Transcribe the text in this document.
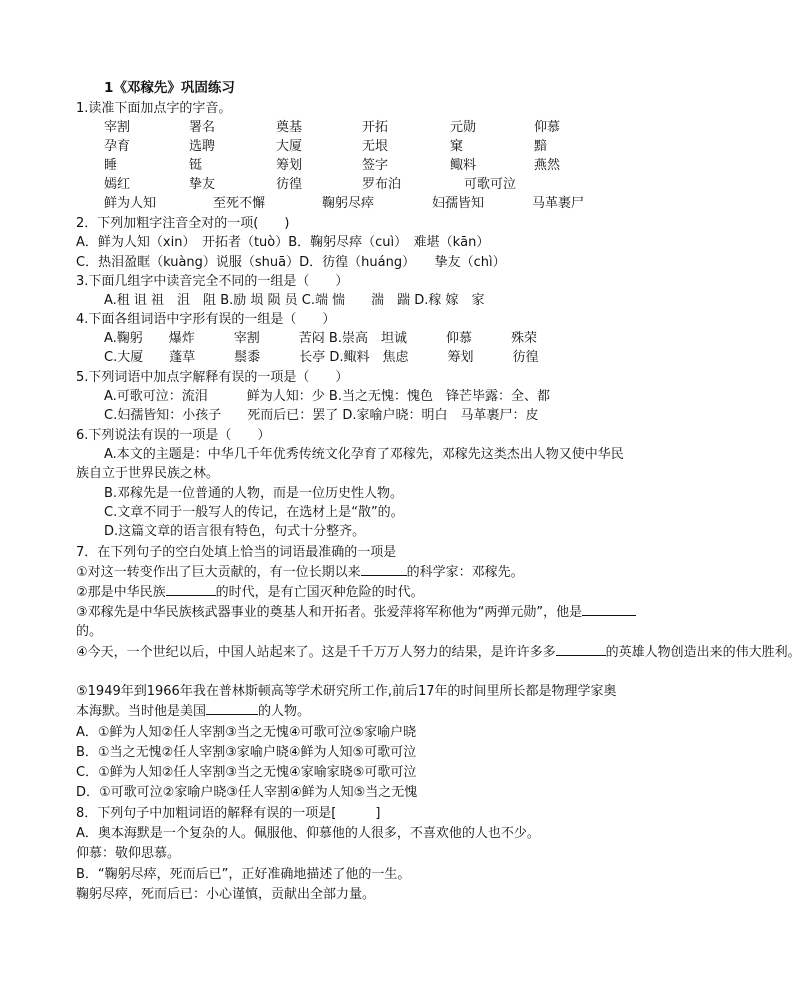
1《邓稼先》巩固练习
1.读准下面加点字的字音。
宰割	署名	奠基	开拓	元勋	仰慕
孕育	选聘	大厦	无垠	窠	黯
睡	铤	筹划	签字	鲰料	燕然
嫣红	挚友	彷徨	罗布泊	可歌可泣
鲜为人知	至死不懈	鞠躬尽瘁	妇孺皆知	马革裹尸
2．下列加粗字注音全对的一项(　　)
A．鲜为人知（xin）　开拓者（tuò）B．鞠躬尽瘁（cuì）　难堪（kān）
C．热泪盈眶（kuàng）说服（shuā）D．彷徨（huáng）　　挚友（chì）
3.下面几组字中读音完全不同的一组是（　　）
A.租 诅 祖　沮　阻 B.励 埙 陨 员 C.端 惴　　湍　踹 D.稼 嫁　家
4.下面各组词语中字形有误的一组是（　　）
A.鞠躬　　爆炸　　　宰割　　　苦闷 B.崇高　坦诚　　　仰慕　　　殊荣
C.大厦　　蓬草　　　鬃黍　　　长亭 D.鲰料　焦虑　　　筹划　　　彷徨
5.下列词语中加点字解释有误的一项是（　　）
A.可歌可泣：流泪　　　鲜为人知：少 B.当之无愧：愧色　锋芒毕露：全、都
C.妇孺皆知：小孩子　　死而后已：罢了 D.家喻户晓：明白　马革裹尸：皮
6.下列说法有误的一项是（　　）
A.本文的主题是：中华几千年优秀传统文化孕育了邓稼先，邓稼先这类杰出人物又使中华民族自立于世界民族之林。
B.邓稼先是一位普通的人物，而是一位历史性人物。
C.文章不同于一般写人的传记，在选材上是“散”的。
D.这篇文章的语言很有特色，句式十分整齐。
7．在下列句子的空白处填上恰当的词语最准确的一项是
①对这一转变作出了巨大贡献的，有一位长期以来	的科学家：邓稼先。
②那是中华民族	的时代，是有亡国灭种危险的时代。
③邓稼先是中华民族核武器事业的奠基人和开拓者。张爱萍将军称他为“两弹元勋”，他是
的。
④今天，一个世纪以后，中国人站起来了。这是千千万万人努力的结果，是许许多多	的英雄人物创造出来的伟大胜利。
⑤1949年到1966年我在普林斯顿高等学术研究所工作,前后17年的时间里所长都是物理学家奥本海默。当时他是美国	的人物。
A．①鲜为人知②任人宰割③当之无愧④可歌可泣⑤家喻户晓
B．①当之无愧②任人宰割③家喻户晓④鲜为人知⑤可歌可泣
C．①鲜为人知②任人宰割③当之无愧④家喻家晓⑤可歌可泣
D．①可歌可泣②家喻户晓③任人宰割④鲜为人知⑤当之无愧
8．下列句子中加粗词语的解释有误的一项是[　　　]
A．奥本海默是一个复杂的人。佩服他、仰慕他的人很多，不喜欢他的人也不少。
仰慕：敬仰思慕。
B．“鞠躬尽瘁，死而后已”，正好准确地描述了他的一生。
鞠躬尽瘁，死而后已：小心谨慎，贡献出全部力量。
